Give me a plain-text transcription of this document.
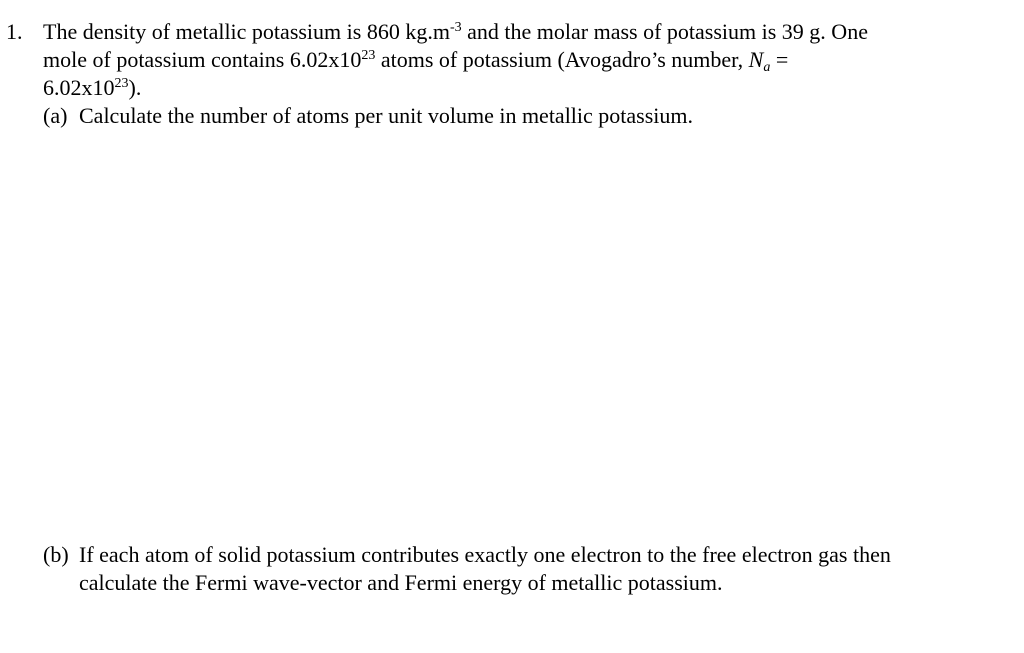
1. The density of metallic potassium is 860 $kg.m^{-3}$ and the molar mass of potassium is 39 g. One
mole of potassium contains $6.02x10^{23}$ atoms of potassium (Avogadro’s number, $N_a$ =
$6.02x10^{23}$).
(a) Calculate the number of atoms per unit volume in metallic potassium.
(b) If each atom of solid potassium contributes exactly one electron to the free electron gas then
calculate the Fermi wave-vector and Fermi energy of metallic potassium.
